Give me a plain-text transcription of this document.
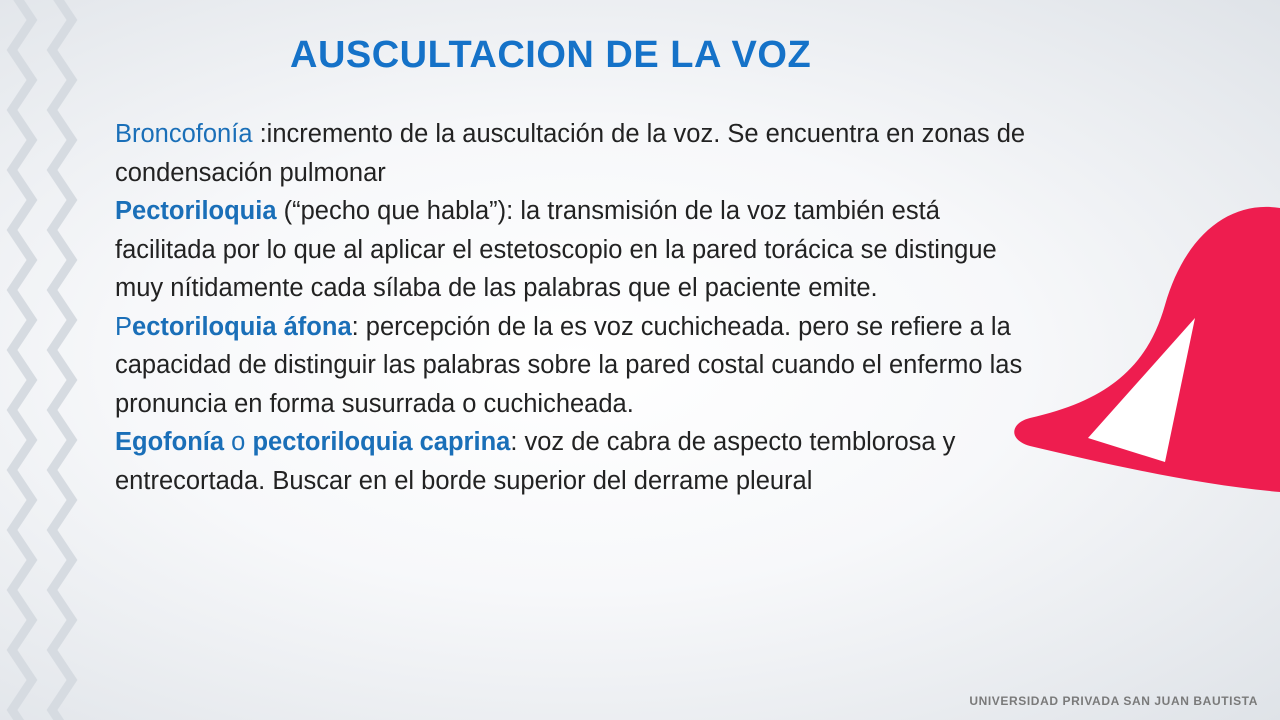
AUSCULTACION DE LA VOZ

Broncofonía :incremento de la auscultación de la voz. Se encuentra en zonas de condensación pulmonar

Pectoriloquia (“pecho que habla”): la transmisión de la voz también está facilitada por lo que al aplicar el estetoscopio en la pared torácica se distingue muy nítidamente cada sílaba de las palabras que el paciente emite.

Pectoriloquia áfona: percepción de la es voz cuchicheada. pero se refiere a la capacidad de distinguir las palabras sobre la pared costal cuando el enfermo las pronuncia en forma susurrada o cuchicheada.

Egofonía o pectoriloquia caprina: voz de cabra de aspecto temblorosa y entrecortada. Buscar en el borde superior del derrame pleural

UNIVERSIDAD PRIVADA SAN JUAN BAUTISTA
